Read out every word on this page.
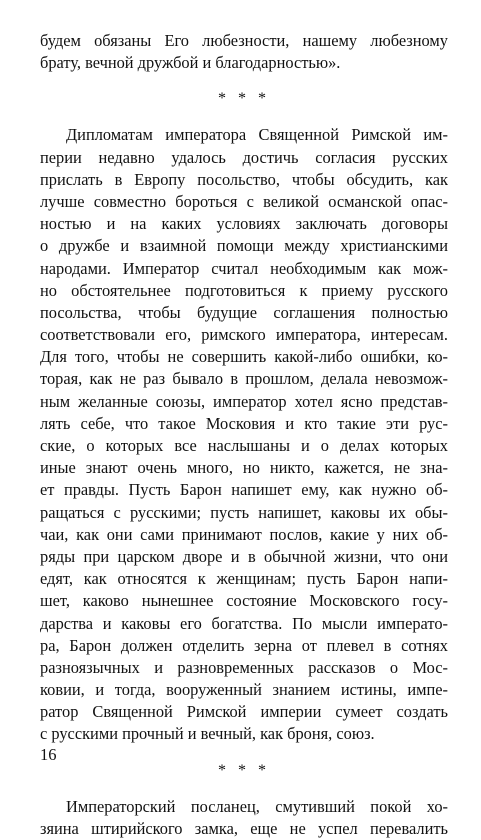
будем обязаны Его любезности, нашему любезному
брату, вечной дружбой и благодарностью».
* * *
Дипломатам императора Священной Римской им-
перии недавно удалось достичь согласия русских
прислать в Европу посольство, чтобы обсудить, как
лучше совместно бороться с великой османской опас-
ностью и на каких условиях заключать договоры
о дружбе и взаимной помощи между христианскими
народами. Император считал необходимым как мож-
но обстоятельнее подготовиться к приему русского
посольства, чтобы будущие соглашения полностью
соответствовали его, римского императора, интересам.
Для того, чтобы не совершить какой-либо ошибки, ко-
торая, как не раз бывало в прошлом, делала невозмож-
ным желанные союзы, император хотел ясно представ-
лять себе, что такое Московия и кто такие эти рус-
ские, о которых все наслышаны и о делах которых
иные знают очень много, но никто, кажется, не зна-
ет правды. Пусть Барон напишет ему, как нужно об-
ращаться с русскими; пусть напишет, каковы их обы-
чаи, как они сами принимают послов, какие у них об-
ряды при царском дворе и в обычной жизни, что они
едят, как относятся к женщинам; пусть Барон напи-
шет, каково нынешнее состояние Московского госу-
дарства и каковы его богатства. По мысли императо-
ра, Барон должен отделить зерна от плевел в сотнях
разноязычных и разновременных рассказов о Мос-
ковии, и тогда, вооруженный знанием истины, импе-
ратор Священной Римской империи сумеет создать
с русскими прочный и вечный, как броня, союз.
* * *
Императорский посланец, смутивший покой хо-
зяина штирийского замка, еще не успел перевалить
16
